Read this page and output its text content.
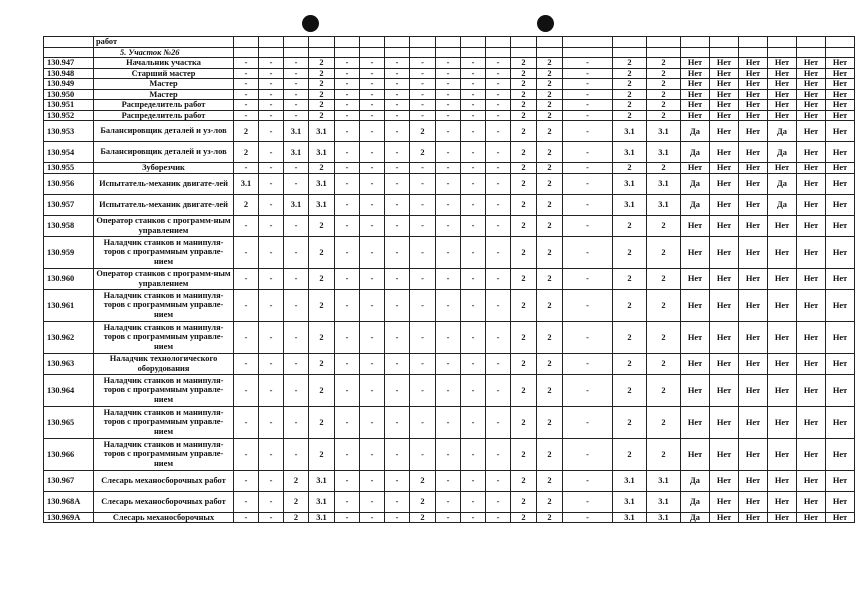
	работ																						
	5. Участок №26																						
130.947	Начальник участка	-	-	-	2	-	-	-	-	-	-	-	2	2	-	2	2	Нет	Нет	Нет	Нет	Нет	Нет
130.948	Старший мастер	-	-	-	2	-	-	-	-	-	-	-	2	2	-	2	2	Нет	Нет	Нет	Нет	Нет	Нет
130.949	Мастер	-	-	-	2	-	-	-	-	-	-	-	2	2	-	2	2	Нет	Нет	Нет	Нет	Нет	Нет
130.950	Мастер	-	-	-	2	-	-	-	-	-	-	-	2	2	-	2	2	Нет	Нет	Нет	Нет	Нет	Нет
130.951	Распределитель работ	-	-	-	2	-	-	-	-	-	-	-	2	2	-	2	2	Нет	Нет	Нет	Нет	Нет	Нет
130.952	Распределитель работ	-	-	-	2	-	-	-	-	-	-	-	2	2	-	2	2	Нет	Нет	Нет	Нет	Нет	Нет
130.953	Балансировщик деталей и уз-лов	2	-	3.1	3.1	-	-	-	2	-	-	-	2	2	-	3.1	3.1	Да	Нет	Нет	Да	Нет	Нет
130.954	Балансировщик деталей и уз-лов	2	-	3.1	3.1	-	-	-	2	-	-	-	2	2	-	3.1	3.1	Да	Нет	Нет	Да	Нет	Нет
130.955	Зуборезчик	-	-	-	2	-	-	-	-	-	-	-	2	2	-	2	2	Нет	Нет	Нет	Нет	Нет	Нет
130.956	Испытатель-механик двигате-лей	3.1	-	-	3.1	-	-	-	-	-	-	-	2	2	-	3.1	3.1	Да	Нет	Нет	Да	Нет	Нет
130.957	Испытатель-механик двигате-лей	2	-	3.1	3.1	-	-	-	-	-	-	-	2	2	-	3.1	3.1	Да	Нет	Нет	Да	Нет	Нет
130.958	Оператор станков с программ-ным управлением	-	-	-	2	-	-	-	-	-	-	-	2	2	-	2	2	Нет	Нет	Нет	Нет	Нет	Нет
130.959	Наладчик станков и манипуля-торов с программным управле-нием	-	-	-	2	-	-	-	-	-	-	-	2	2	-	2	2	Нет	Нет	Нет	Нет	Нет	Нет
130.960	Оператор станков с программ-ным управлением	-	-	-	2	-	-	-	-	-	-	-	2	2	-	2	2	Нет	Нет	Нет	Нет	Нет	Нет
130.961	Наладчик станков и манипуля-торов с программным управле-нием	-	-	-	2	-	-	-	-	-	-	-	2	2	-	2	2	Нет	Нет	Нет	Нет	Нет	Нет
130.962	Наладчик станков и манипуля-торов с программным управле-нием	-	-	-	2	-	-	-	-	-	-	-	2	2	-	2	2	Нет	Нет	Нет	Нет	Нет	Нет
130.963	Наладчик технологического оборудования	-	-	-	2	-	-	-	-	-	-	-	2	2	-	2	2	Нет	Нет	Нет	Нет	Нет	Нет
130.964	Наладчик станков и манипуля-торов с программным управле-нием	-	-	-	2	-	-	-	-	-	-	-	2	2	-	2	2	Нет	Нет	Нет	Нет	Нет	Нет
130.965	Наладчик станков и манипуля-торов с программным управле-нием	-	-	-	2	-	-	-	-	-	-	-	2	2	-	2	2	Нет	Нет	Нет	Нет	Нет	Нет
130.966	Наладчик станков и манипуля-торов с программным управле-нием	-	-	-	2	-	-	-	-	-	-	-	2	2	-	2	2	Нет	Нет	Нет	Нет	Нет	Нет
130.967	Слесарь механосборочных работ	-	-	2	3.1	-	-	-	2	-	-	-	2	2	-	3.1	3.1	Да	Нет	Нет	Нет	Нет	Нет
130.968А	Слесарь механосборочных работ	-	-	2	3.1	-	-	-	2	-	-	-	2	2	-	3.1	3.1	Да	Нет	Нет	Нет	Нет	Нет
130.969А	Слесарь механосборочных	-	-	2	3.1	-	-	-	2	-	-	-	2	2	-	3.1	3.1	Да	Нет	Нет	Нет	Нет	Нет
